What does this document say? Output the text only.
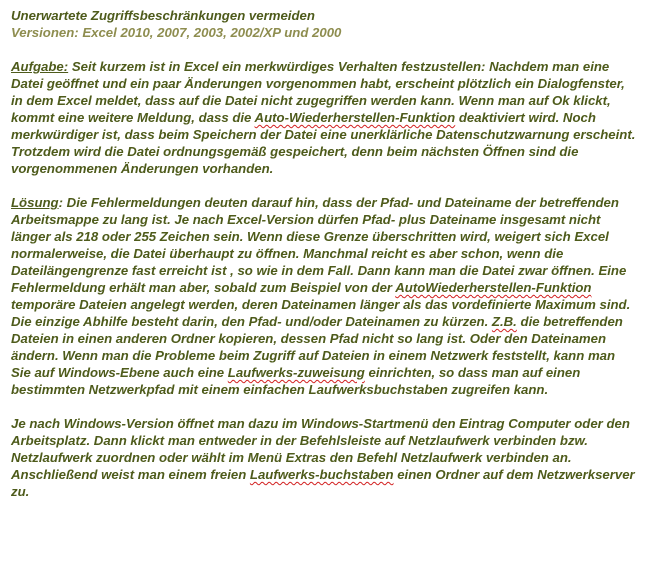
Unerwartete Zugriffsbeschränkungen vermeiden
Versionen: Excel 2010, 2007, 2003, 2002/XP und 2000

Aufgabe: Seit kurzem ist in Excel ein merkwürdiges Verhalten festzustellen: Nachdem man eine Datei geöffnet und ein paar Änderungen vorgenommen habt, erscheint plötzlich ein Dialogfenster, in dem Excel meldet, dass auf die Datei nicht zugegriffen werden kann. Wenn man auf Ok klickt, kommt eine weitere Meldung, dass die Auto-Wiederherstellen-Funktion deaktiviert wird. Noch merkwürdiger ist, dass beim Speichern der Datei eine unerklärliche Datenschutzwarnung erscheint. Trotzdem wird die Datei ordnungsgemäß gespeichert, denn beim nächsten Öffnen sind die vorgenommenen Änderungen vorhanden.

Lösung: Die Fehlermeldungen deuten darauf hin, dass der Pfad- und Dateiname der betreffenden Arbeitsmappe zu lang ist. Je nach Excel-Version dürfen Pfad- plus Dateiname insgesamt nicht länger als 218 oder 255 Zeichen sein. Wenn diese Grenze überschritten wird, weigert sich Excel normalerweise, die Datei überhaupt zu öffnen. Manchmal reicht es aber schon, wenn die Dateilängengrenze fast erreicht ist , so wie in dem Fall. Dann kann man die Datei zwar öffnen. Eine Fehlermeldung erhält man aber, sobald zum Beispiel von der AutoWiederherstellen-Funktion temporäre Dateien angelegt werden, deren Dateinamen länger als das vordefinierte Maximum sind. Die einzige Abhilfe besteht darin, den Pfad- und/oder Dateinamen zu kürzen. Z.B. die betreffenden Dateien in einen anderen Ordner kopieren, dessen Pfad nicht so lang ist. Oder den Dateinamen ändern. Wenn man die Probleme beim Zugriff auf Dateien in einem Netzwerk feststellt, kann man Sie auf Windows-Ebene auch eine Laufwerks-zuweisung einrichten, so dass man auf einen bestimmten Netzwerkpfad mit einem einfachen Laufwerksbuchstaben zugreifen kann.

Je nach Windows-Version öffnet man dazu im Windows-Startmenü den Eintrag Computer oder den Arbeitsplatz. Dann klickt man entweder in der Befehlsleiste auf Netzlaufwerk verbinden bzw. Netzlaufwerk zuordnen oder wählt im Menü Extras den Befehl Netzlaufwerk verbinden an. Anschließend weist man einem freien Laufwerks-buchstaben einen Ordner auf dem Netzwerkserver zu.
